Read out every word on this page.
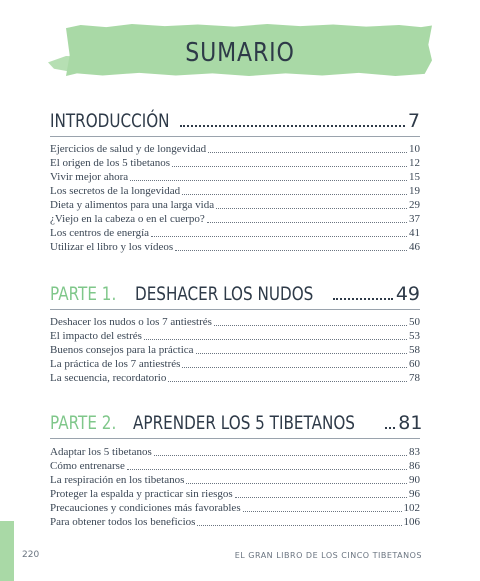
SUMARIO
INTRODUCCIÓN	7
Ejercicios de salud y de longevidad	10
El origen de los 5 tibetanos	12
Vivir mejor ahora	15
Los secretos de la longevidad	19
Dieta y alimentos para una larga vida	29
¿Viejo en la cabeza o en el cuerpo?	37
Los centros de energía	41
Utilizar el libro y los vídeos	46
PARTE 1. DESHACER LOS NUDOS	49
Deshacer los nudos o los 7 antiestrés	50
El impacto del estrés	53
Buenos consejos para la práctica	58
La práctica de los 7 antiestrés	60
La secuencia, recordatorio	78
PARTE 2. APRENDER LOS 5 TIBETANOS 81
Adaptar los 5 tibetanos	83
Cómo entrenarse	86
La respiración en los tibetanos	90
Proteger la espalda y practicar sin riesgos	96
Precauciones y condiciones más favorables	102
Para obtener todos los beneficios	106
220	EL GRAN LIBRO DE LOS CINCO TIBETANOS
